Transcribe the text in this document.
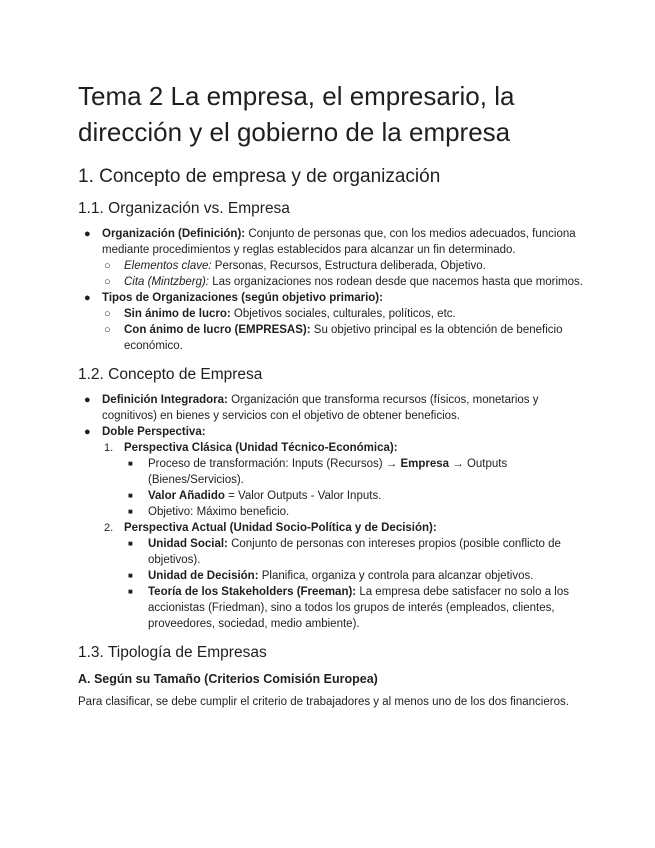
Tema 2 La empresa, el empresario, la dirección y el gobierno de la empresa
1. Concepto de empresa y de organización
1.1. Organización vs. Empresa
● Organización (Definición): Conjunto de personas que, con los medios adecuados, funciona mediante procedimientos y reglas establecidos para alcanzar un fin determinado.
○ Elementos clave: Personas, Recursos, Estructura deliberada, Objetivo.
○ Cita (Mintzberg): Las organizaciones nos rodean desde que nacemos hasta que morimos.
● Tipos de Organizaciones (según objetivo primario):
○ Sin ánimo de lucro: Objetivos sociales, culturales, políticos, etc.
○ Con ánimo de lucro (EMPRESAS): Su objetivo principal es la obtención de beneficio económico.
1.2. Concepto de Empresa
● Definición Integradora: Organización que transforma recursos (físicos, monetarios y cognitivos) en bienes y servicios con el objetivo de obtener beneficios.
● Doble Perspectiva:
1. Perspectiva Clásica (Unidad Técnico-Económica):
■ Proceso de transformación: Inputs (Recursos) → Empresa → Outputs (Bienes/Servicios).
■ Valor Añadido = Valor Outputs - Valor Inputs.
■ Objetivo: Máximo beneficio.
2. Perspectiva Actual (Unidad Socio-Política y de Decisión):
■ Unidad Social: Conjunto de personas con intereses propios (posible conflicto de objetivos).
■ Unidad de Decisión: Planifica, organiza y controla para alcanzar objetivos.
■ Teoría de los Stakeholders (Freeman): La empresa debe satisfacer no solo a los accionistas (Friedman), sino a todos los grupos de interés (empleados, clientes, proveedores, sociedad, medio ambiente).
1.3. Tipología de Empresas
A. Según su Tamaño (Criterios Comisión Europea)

Para clasificar, se debe cumplir el criterio de trabajadores y al menos uno de los dos financieros.
